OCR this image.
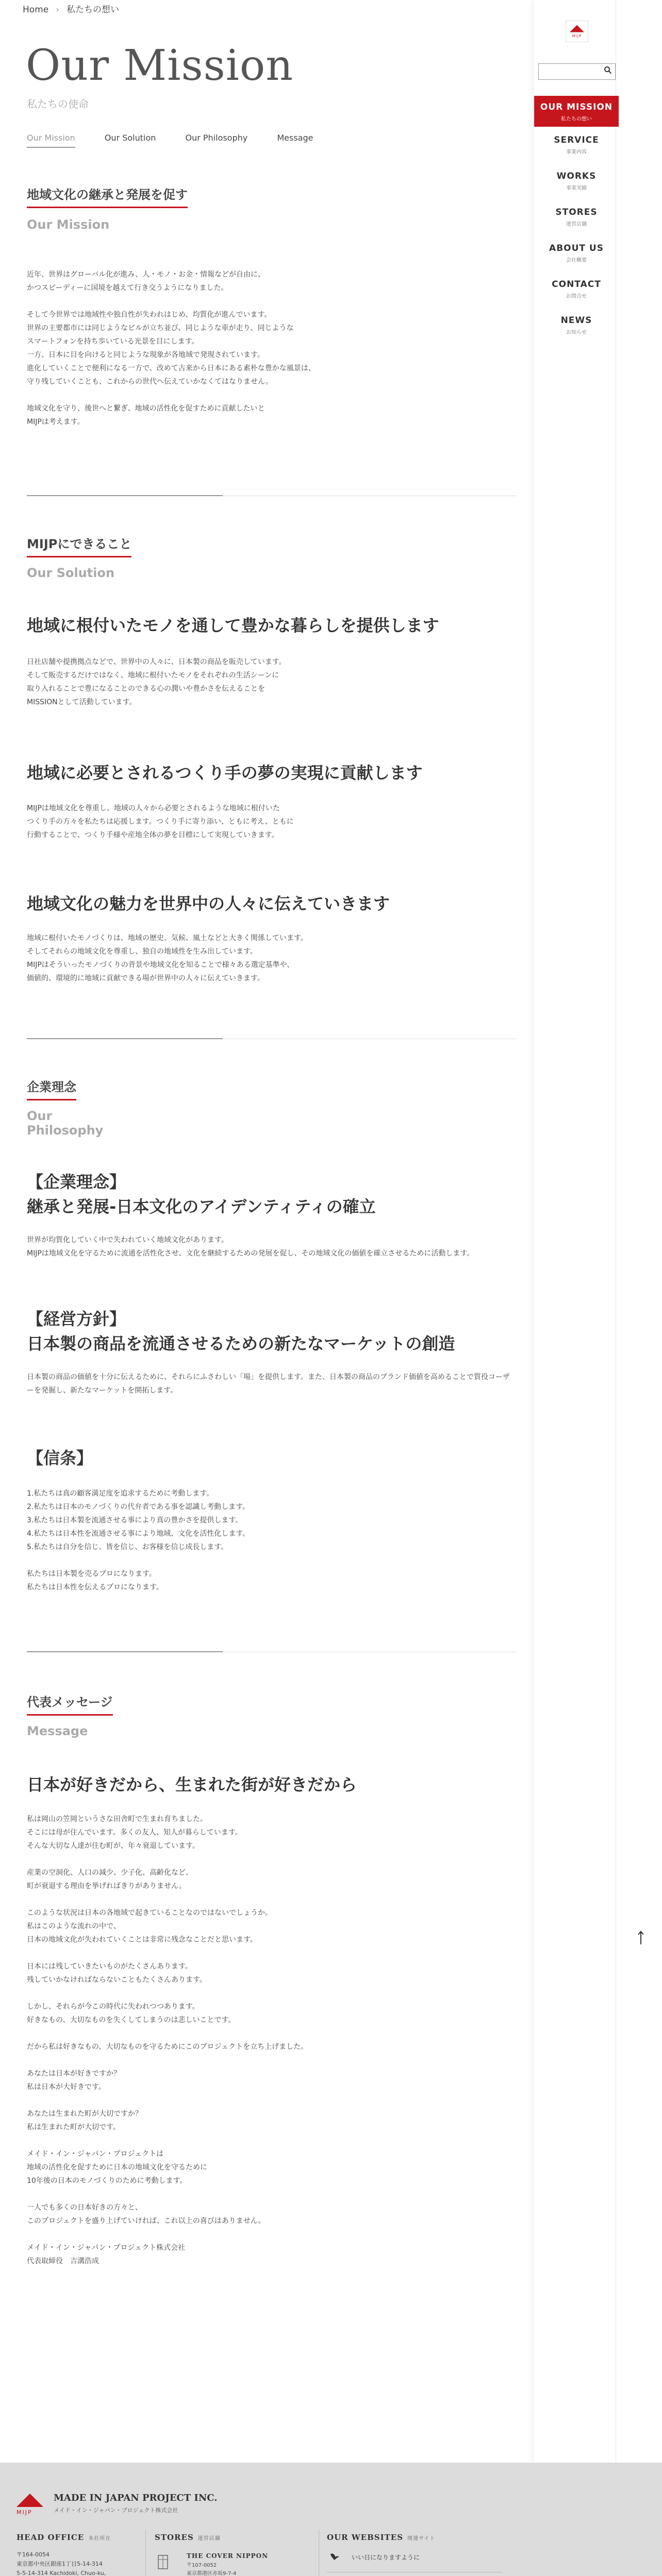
Home › 私たちの想い
Our Mission
私たちの使命
Our Mission	Our Solution	Our Philosophy	Message
地域文化の継承と発展を促す
Our Mission

近年、世界はグローバル化が進み、人・モノ・お金・情報などが自由に、
かつスピーディーに国境を越えて行き交うようになりました。

そして今世界では地域性や独自性が失われはじめ、均質化が進んでいます。
世界の主要都市には同じようなビルが立ち並び、同じような車が走り、同じような
スマートフォンを持ち歩いている光景を目にします。
一方、日本に目を向けると同じような現象が各地域で発現されています。
進化していくことで便利になる一方で、改めて古来から日本にある素朴な豊かな風景は、
守り残していくことも、これからの世代へ伝えていかなくてはなりません。

地域文化を守り、後世へと繋ぎ、地域の活性化を促すために貢献したいと
MIJPは考えます。

MIJPにできること
Our Solution
地域に根付いたモノを通して豊かな暮らしを提供します

日社店舗や提携拠点などで、世界中の人々に、日本製の商品を販売しています。
そして販売するだけではなく、地域に根付いたモノをそれぞれの生活シーンに
取り入れることで豊になることのできる心の潤いや豊かさを伝えることを
MISSIONとして活動しています。

地域に必要とされるつくり手の夢の実現に貢献します

MIJPは地域文化を尊重し、地域の人々から必要とされるような地域に根付いた
つくり手の方々を私たちは応援します。つくり手に寄り添い、ともに考え、ともに
行動することで、つくり手様や産地全体の夢を目標にして実現していきます。

地域文化の魅力を世界中の人々に伝えていきます

地域に根付いたモノづくりは、地域の歴史、気候、風土などと大きく関係しています。
そしてそれらの地域文化を尊重し、独自の地域性を生み出しています。
MIJPはそういったモノづくりの背景や地域文化を知ることで様々ある選定基準や、
価値的、環境的に地域に貢献できる場が世界中の人々に伝えていきます。

企業理念
Our
Philosophy
【企業理念】
継承と発展-日本文化のアイデンティティの確立

世界が均質化していく中で失われていく地域文化があります。
MIJPは地域文化を守るために流通を活性化させ、文化を継続するための発展を促し、その地域文化の価値を確立させるために活動します。

【経営方針】
日本製の商品を流通させるための新たなマーケットの創造

日本製の商品の価値を十分に伝えるために、それらにふさわしい「場」を提供します。また、日本製の商品のブランド価値を高めることで質役コーザーを発掘し、新たなマーケットを開拓します。

【信条】

1.私たちは真の顧客満足度を追求するために考動します。
2.私たちは日本のモノづくりの代弁者である事を認識し考動します。
3.私たちは日本製を流通させる事により真の豊かさを提供します。
4.私たちは日本性を流通させる事により地域、文化を活性化します。
5.私たちは自分を信じ、皆を信じ、お客様を信じ成長します。

私たちは日本製を売るプロになります。
私たちは日本性を伝えるプロになります。

代表メッセージ
Message
日本が好きだから、生まれた街が好きだから

私は岡山の笠岡というさな田舎町で生まれ育ちました。
そこには母が住んでいます。多くの友人、知人が暮らしています。
そんな大切な人達が住む町が、年々衰退しています。

産業の空洞化、人口の減少、少子化、高齢化など、
町が衰退する理由を挙げればきりがありません。

このような状況は日本の各地域で起きていることなのではないでしょうか。
私はこのような流れの中で、
日本の地域文化が失われていくことは非常に残念なことだと思います。

日本には残していきたいものがたくさんあります。
残していかなければならないこともたくさんあります。

しかし、それらが今この時代に失われつつあります。
好きなもの、大切なものを失くしてしまうのは悲しいことです。

だから私は好きなもの、大切なものを守るためにこのプロジェクトを立ち上げました。

あなたは日本が好きですか？
私は日本が大好きです。

あなたは生まれた町が大切ですか？
私は生まれた町が大切です。

メイド・イン・ジャパン・プロジェクトは
地域の活性化を促すために日本の地域文化を守るために
10年後の日本のモノづくりのために考動します。

一人でも多くの日本好きの方々と、
このプロジェクトを盛り上げていければ、これ以上の喜びはありません。

メイド・イン・ジャパン・プロジェクト株式会社
代表取締役　吉溝浩成

MIJP
OUR MISSION
私たちの想い
SERVICE
事業内容
WORKS
事業実績
STORES
運営店舗
ABOUT US
会社概要
CONTACT
お問合せ
NEWS
お知らせ
MIJP
MADE IN JAPAN PROJECT INC.
メイド・イン・ジャパン・プロジェクト株式会社
HEAD OFFICE 本社所在
〒164-0054
東京都中央区銀座1丁目5-14-314
5-5-14-314 Kachidoki, Chuo-ku,

STORES 運営店舗
THE COVER NIPPON
〒107-0052
東京都港区赤坂9-7-4

OUR WEBSITES 関連サイト
いい日になりますように
